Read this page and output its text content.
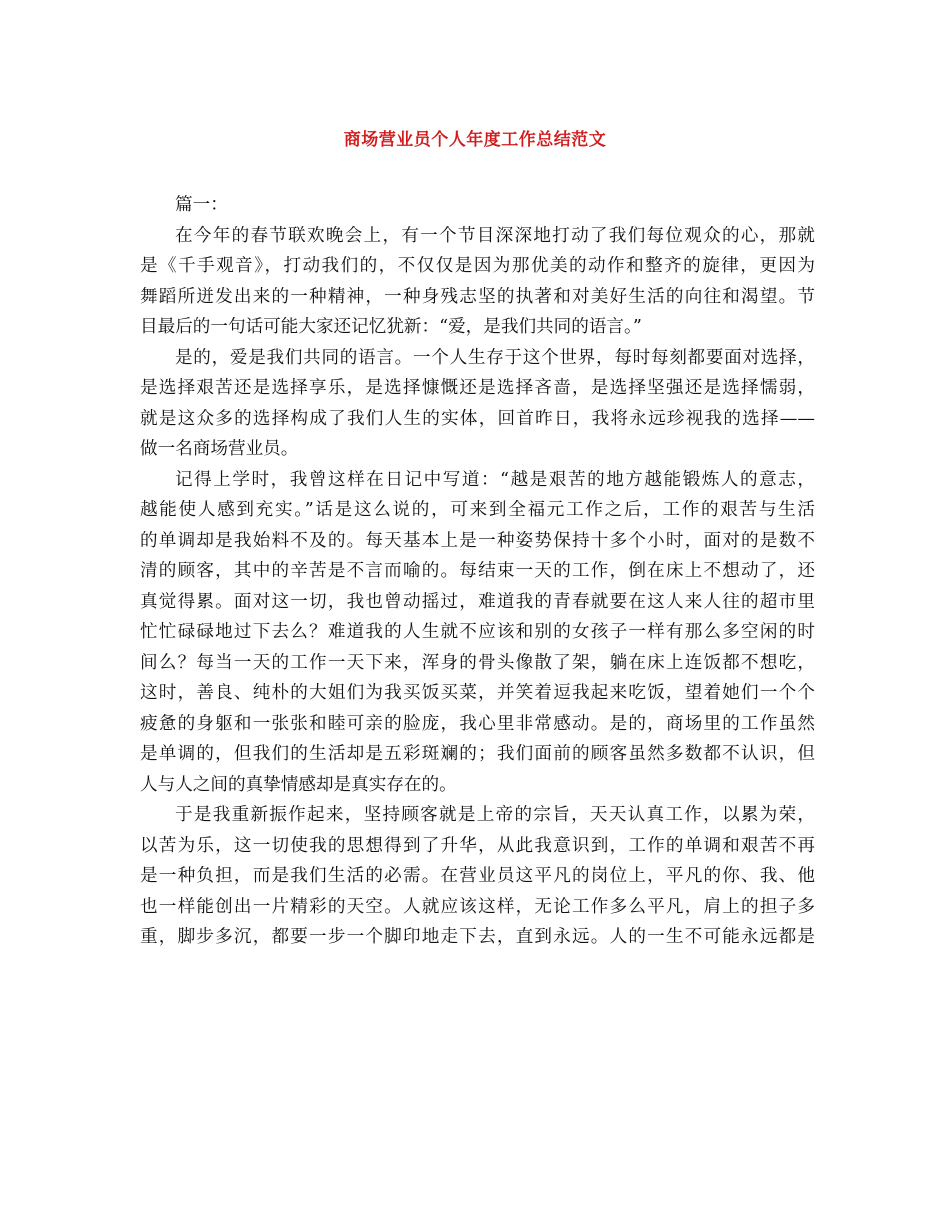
商场营业员个人年度工作总结范文
篇一：
在今年的春节联欢晚会上，有一个节目深深地打动了我们每位观众的心，那就
是《千手观音》，打动我们的，不仅仅是因为那优美的动作和整齐的旋律，更因为
舞蹈所迸发出来的一种精神，一种身残志坚的执著和对美好生活的向往和渴望。节
目最后的一句话可能大家还记忆犹新：“爱，是我们共同的语言。”
是的，爱是我们共同的语言。一个人生存于这个世界，每时每刻都要面对选择，
是选择艰苦还是选择享乐，是选择慷慨还是选择吝啬，是选择坚强还是选择懦弱，
就是这众多的选择构成了我们人生的实体，回首昨日，我将永远珍视我的选择——
做一名商场营业员。
记得上学时，我曾这样在日记中写道：“越是艰苦的地方越能锻炼人的意志，
越能使人感到充实。”话是这么说的，可来到全福元工作之后，工作的艰苦与生活
的单调却是我始料不及的。每天基本上是一种姿势保持十多个小时，面对的是数不
清的顾客，其中的辛苦是不言而喻的。每结束一天的工作，倒在床上不想动了，还
真觉得累。面对这一切，我也曾动摇过，难道我的青春就要在这人来人往的超市里
忙忙碌碌地过下去么？难道我的人生就不应该和别的女孩子一样有那么多空闲的时
间么？每当一天的工作一天下来，浑身的骨头像散了架，躺在床上连饭都不想吃，
这时，善良、纯朴的大姐们为我买饭买菜，并笑着逗我起来吃饭，望着她们一个个
疲惫的身躯和一张张和睦可亲的脸庞，我心里非常感动。是的，商场里的工作虽然
是单调的，但我们的生活却是五彩斑斓的；我们面前的顾客虽然多数都不认识，但
人与人之间的真挚情感却是真实存在的。
于是我重新振作起来，坚持顾客就是上帝的宗旨，天天认真工作，以累为荣，
以苦为乐，这一切使我的思想得到了升华，从此我意识到，工作的单调和艰苦不再
是一种负担，而是我们生活的必需。在营业员这平凡的岗位上，平凡的你、我、他
也一样能创出一片精彩的天空。人就应该这样，无论工作多么平凡，肩上的担子多
重，脚步多沉，都要一步一个脚印地走下去，直到永远。人的一生不可能永远都是
